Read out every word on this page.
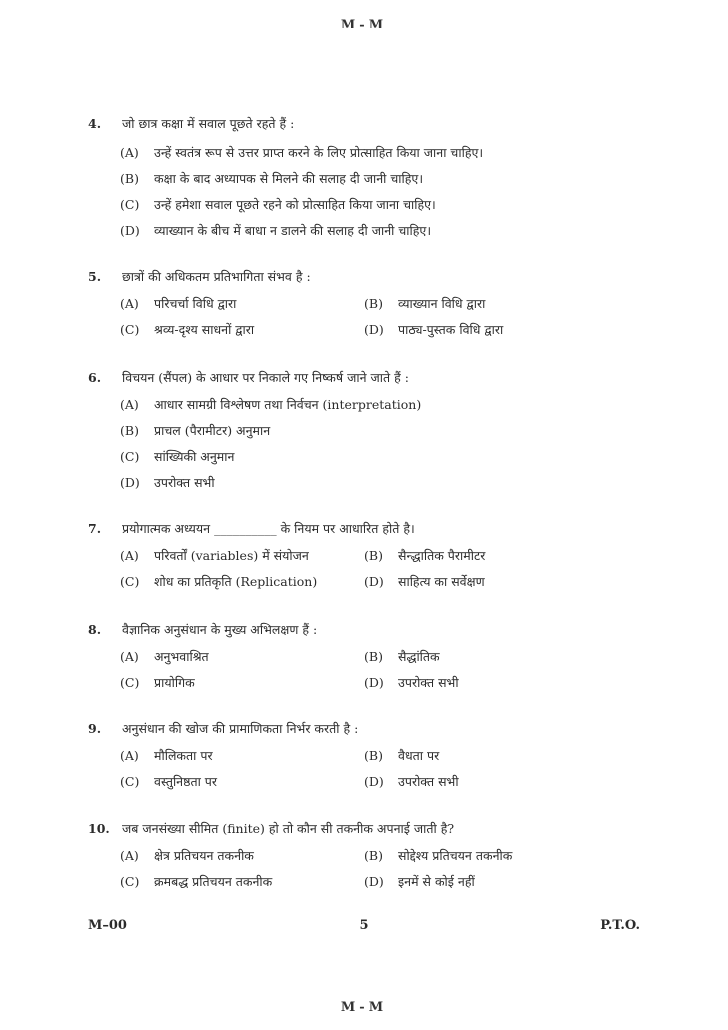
M-M
4. जो छात्र कक्षा में सवाल पूछते रहते हैं :
(A) उन्हें स्वतंत्र रूप से उत्तर प्राप्त करने के लिए प्रोत्साहित किया जाना चाहिए।
(B) कक्षा के बाद अध्यापक से मिलने की सलाह दी जानी चाहिए।
(C) उन्हें हमेशा सवाल पूछते रहने को प्रोत्साहित किया जाना चाहिए।
(D) व्याख्यान के बीच में बाधा न डालने की सलाह दी जानी चाहिए।
5. छात्रों की अधिकतम प्रतिभागिता संभव है :
(A) परिचर्चा विधि द्वारा	(B) व्याख्यान विधि द्वारा
(C) श्रव्य-दृश्य साधनों द्वारा	(D) पाठ्य-पुस्तक विधि द्वारा
6. विचयन (सैंपल) के आधार पर निकाले गए निष्कर्ष जाने जाते हैं :
(A) आधार सामग्री विश्लेषण तथा निर्वचन (interpretation)
(B) प्राचल (पैरामीटर) अनुमान
(C) सांख्यिकी अनुमान
(D) उपरोक्त सभी
7. प्रयोगात्मक अध्ययन __________ के नियम पर आधारित होते है।
(A) परिवर्तों (variables) में संयोजन	(B) सैन्द्धातिक पैरामीटर
(C) शोध का प्रतिकृति (Replication)	(D) साहित्य का सर्वेक्षण
8. वैज्ञानिक अनुसंधान के मुख्य अभिलक्षण हैं :
(A) अनुभवाश्रित	(B) सैद्धांतिक
(C) प्रायोगिक	(D) उपरोक्त सभी
9. अनुसंधान की खोज की प्रामाणिकता निर्भर करती है :
(A) मौलिकता पर	(B) वैधता पर
(C) वस्तुनिष्ठता पर	(D) उपरोक्त सभी
10. जब जनसंख्या सीमित (finite) हो तो कौन सी तकनीक अपनाई जाती है?
(A) क्षेत्र प्रतिचयन तकनीक	(B) सोद्देश्य प्रतिचयन तकनीक
(C) क्रमबद्ध प्रतिचयन तकनीक	(D) इनमें से कोई नहीं
M–00	5	P.T.O.
M-M
